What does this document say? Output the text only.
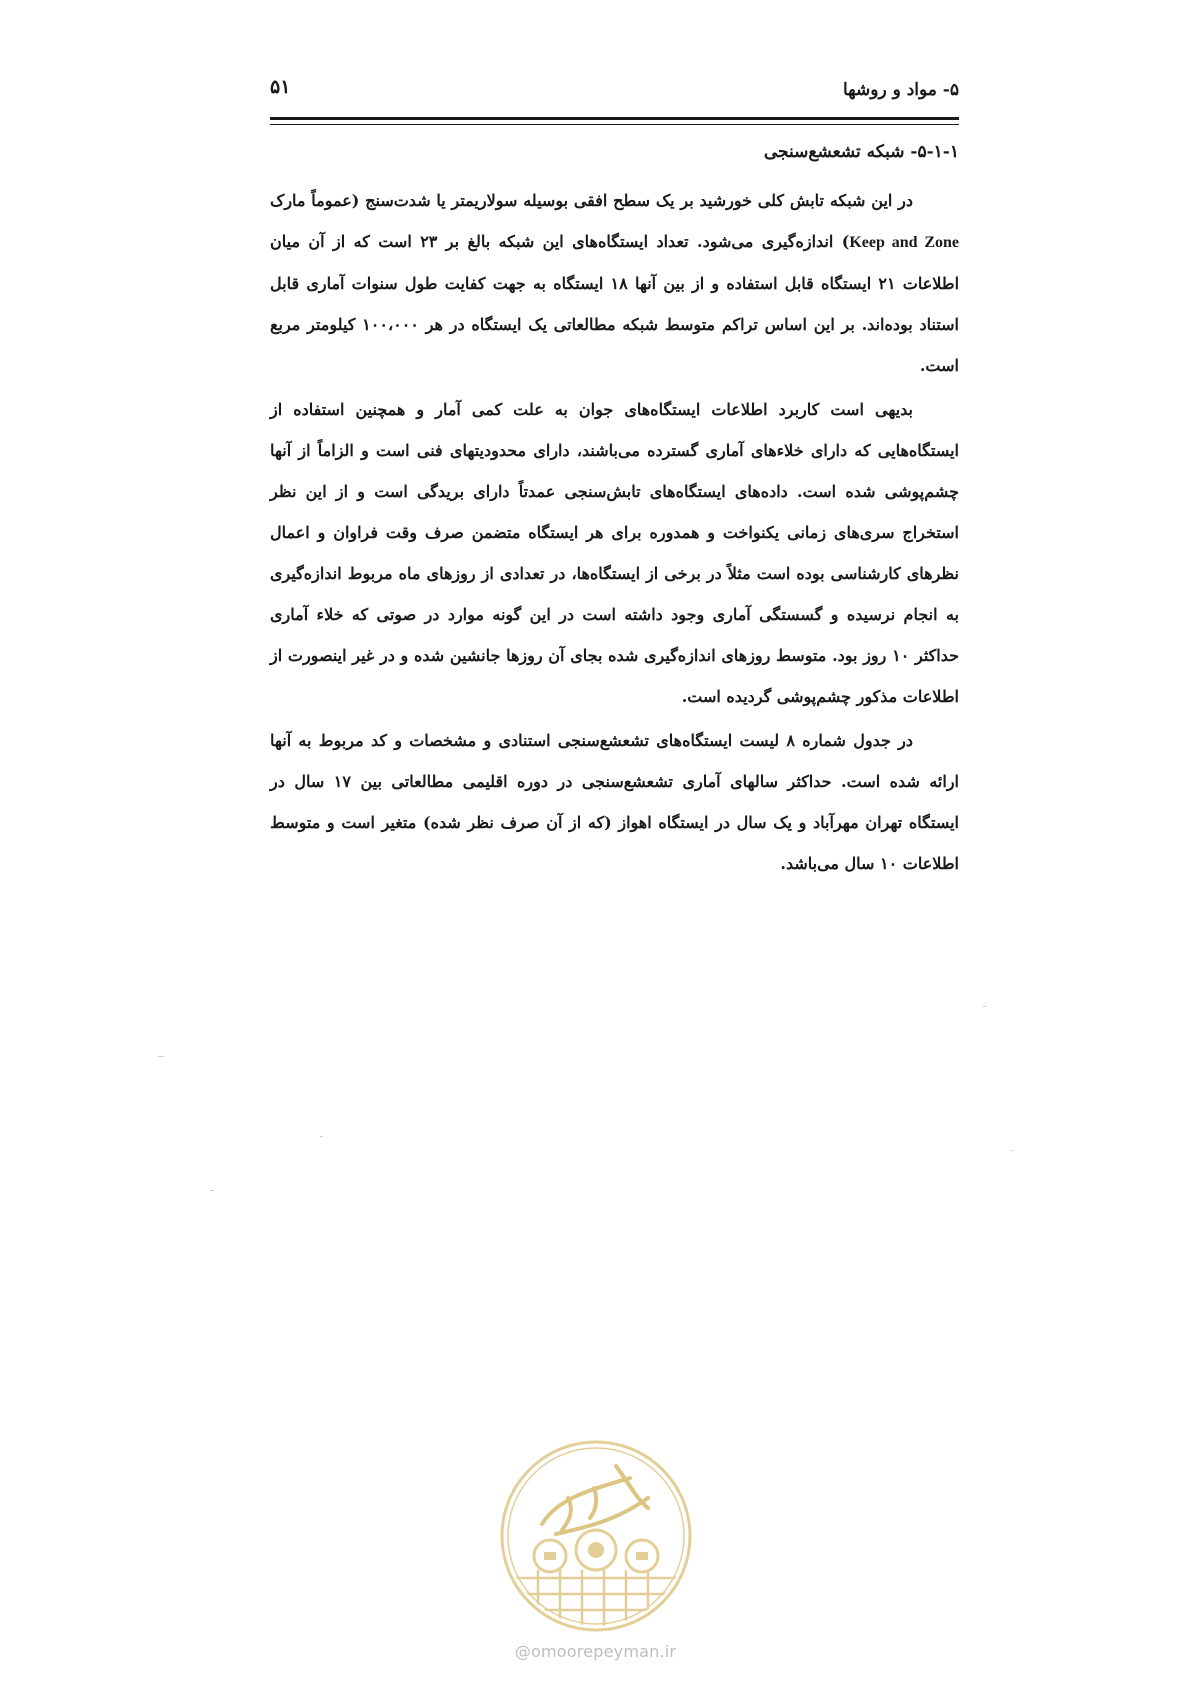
۵۱	۵- مواد و روشها
۵-۱-۱- شبکه تشعشع‌سنجی

در این شبکه تابش کلی خورشید بر یک سطح افقی بوسیله سولاریمتر یا شدت‌سنج (عموماً مارک Keep and Zone) اندازه‌گیری می‌شود. تعداد ایستگاه‌های این شبکه بالغ بر ۲۳ است که از آن میان اطلاعات ۲۱ ایستگاه قابل استفاده و از بین آنها ۱۸ ایستگاه به جهت کفایت طول سنوات آماری قابل استناد بوده‌اند. بر این اساس تراکم متوسط شبکه مطالعاتی یک ایستگاه در هر ۱۰۰،۰۰۰ کیلومتر مربع است.

بدیهی است کاربرد اطلاعات ایستگاه‌های جوان به علت کمی آمار و همچنین استفاده از ایستگاه‌هایی که دارای خلاءهای آماری گسترده می‌باشند، دارای محدودیتهای فنی است و الزاماً از آنها چشم‌پوشی شده است. داده‌های ایستگاه‌های تابش‌سنجی عمدتاً دارای بریدگی است و از این نظر استخراج سری‌های زمانی یکنواخت و همدوره برای هر ایستگاه متضمن صرف وقت فراوان و اعمال نظرهای کارشناسی بوده است مثلاً در برخی از ایستگاه‌ها، در تعدادی از روزهای ماه مربوط اندازه‌گیری به انجام نرسیده و گسستگی آماری وجود داشته است در این گونه موارد در صوتی که خلاء آماری حداکثر ۱۰ روز بود. متوسط روزهای اندازه‌گیری شده بجای آن روزها جانشین شده و در غیر اینصورت از اطلاعات مذکور چشم‌پوشی گردیده است.

در جدول شماره ۸ لیست ایستگاه‌های تشعشع‌سنجی استنادی و مشخصات و کد مربوط به آنها ارائه شده است. حداکثر سالهای آماری تشعشع‌سنجی در دوره اقلیمی مطالعاتی بین ۱۷ سال در ایستگاه تهران مهرآباد و یک سال در ایستگاه اهواز (که از آن صرف نظر شده) متغیر است و متوسط اطلاعات ۱۰ سال می‌باشد.

@omoorepeyman.ir
